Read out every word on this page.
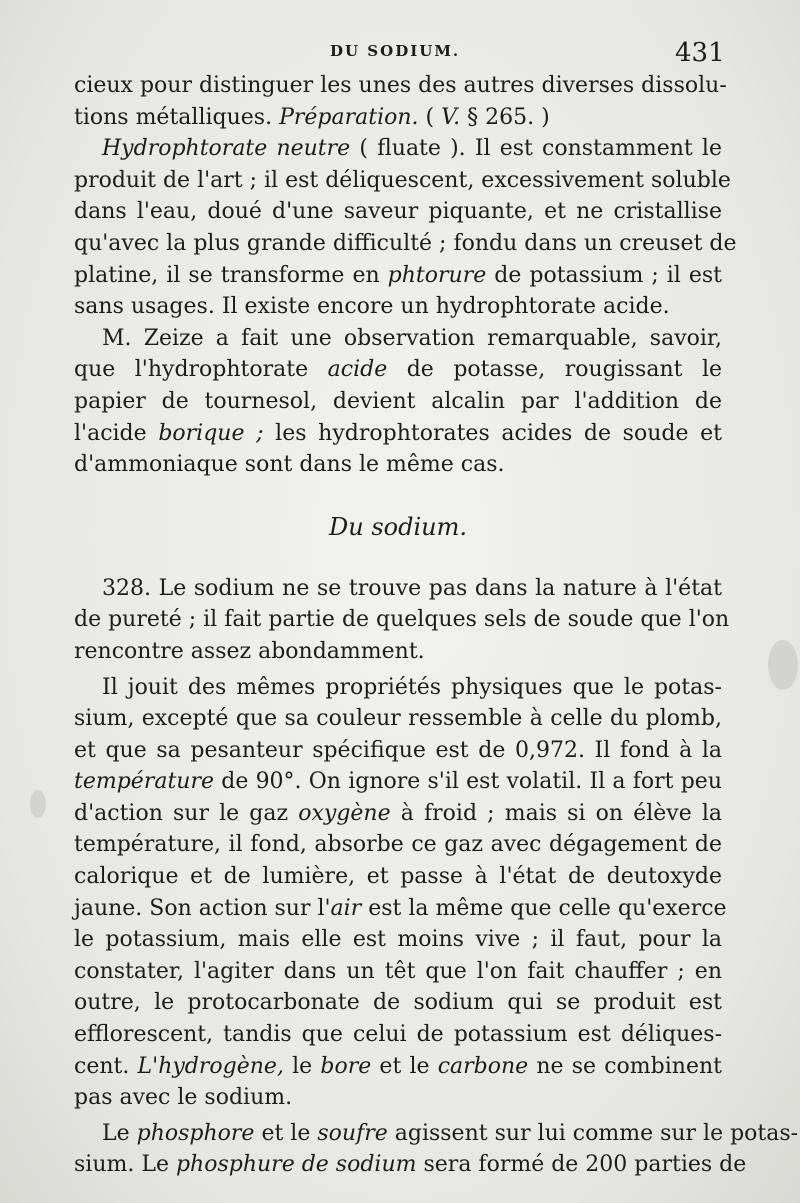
DU SODIUM.	431
cieux pour distinguer les unes des autres diverses dissolu-
tions métalliques. Préparation. ( V. § 265. )
Hydrophtorate neutre ( fluate ). Il est constamment le
produit de l'art ; il est déliquescent, excessivement soluble
dans l'eau, doué d'une saveur piquante, et ne cristallise
qu'avec la plus grande difficulté ; fondu dans un creuset de
platine, il se transforme en phtorure de potassium ; il est
sans usages. Il existe encore un hydrophtorate acide.
M. Zeize a fait une observation remarquable, savoir,
que l'hydrophtorate acide de potasse, rougissant le
papier de tournesol, devient alcalin par l'addition de
l'acide borique ; les hydrophtorates acides de soude et
d'ammoniaque sont dans le même cas.
Du sodium.
328. Le sodium ne se trouve pas dans la nature à l'état
de pureté ; il fait partie de quelques sels de soude que l'on
rencontre assez abondamment.
Il jouit des mêmes propriétés physiques que le potas-
sium, excepté que sa couleur ressemble à celle du plomb,
et que sa pesanteur spécifique est de 0,972. Il fond à la
température de 90°. On ignore s'il est volatil. Il a fort peu
d'action sur le gaz oxygène à froid ; mais si on élève la
température, il fond, absorbe ce gaz avec dégagement de
calorique et de lumière, et passe à l'état de deutoxyde
jaune. Son action sur l'air est la même que celle qu'exerce
le potassium, mais elle est moins vive ; il faut, pour la
constater, l'agiter dans un têt que l'on fait chauffer ; en
outre, le protocarbonate de sodium qui se produit est
efflorescent, tandis que celui de potassium est déliques-
cent. L'hydrogène, le bore et le carbone ne se combinent
pas avec le sodium.
Le phosphore et le soufre agissent sur lui comme sur le potas-
sium. Le phosphure de sodium sera formé de 200 parties de
